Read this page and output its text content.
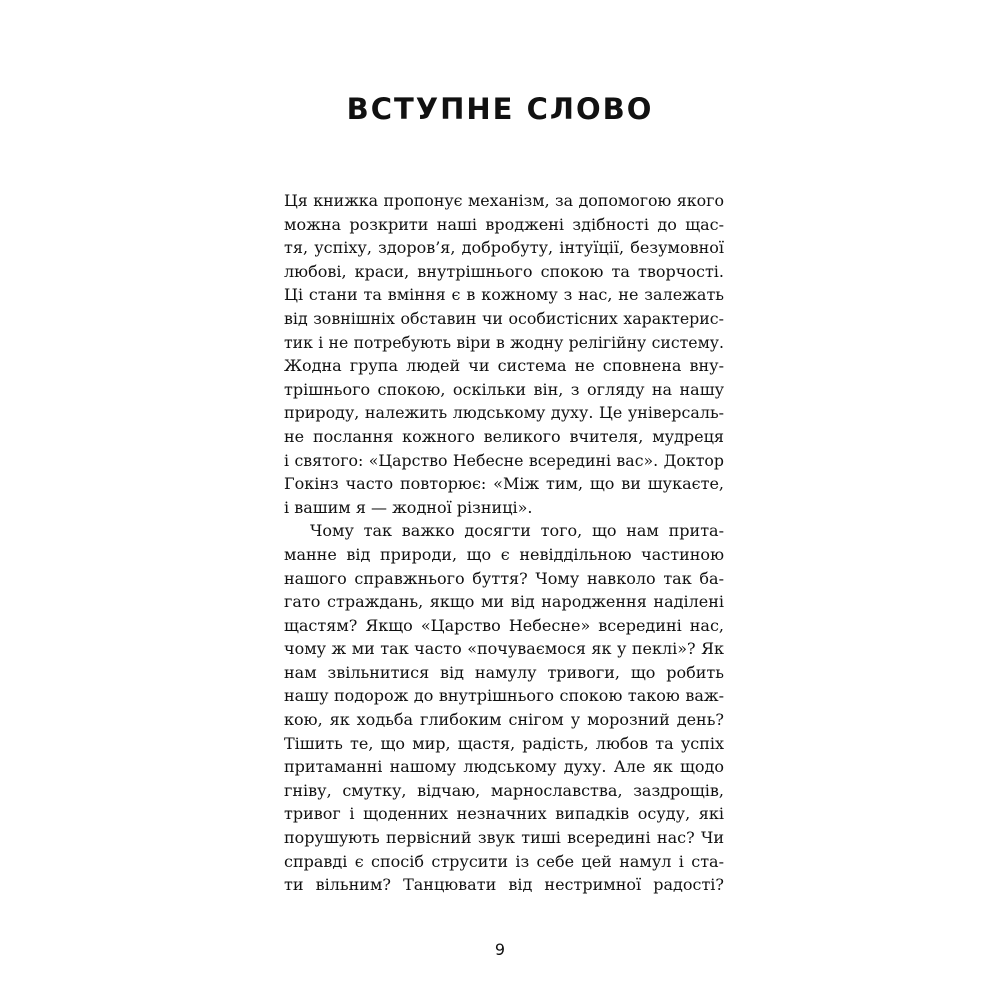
ВСТУПНЕ СЛОВО

Ця книжка пропонує механізм, за допомогою якого
можна розкрити наші вроджені здібності до щас-
тя, успіху, здоров’я, добробуту, інтуїції, безумовної
любові, краси, внутрішнього спокою та творчості.
Ці стани та вміння є в кожному з нас, не залежать
від зовнішніх обставин чи особистісних характерис-
тик і не потребують віри в жодну релігійну систему.
Жодна група людей чи система не сповнена вну-
трішнього спокою, оскільки він, з огляду на нашу
природу, належить людському духу. Це універсаль-
не послання кожного великого вчителя, мудреця
і святого: «Царство Небесне всередині вас». Доктор
Гокінз часто повторює: «Між тим, що ви шукаєте,
і вашим я — жодної різниці».

Чому так важко досягти того, що нам прита-
манне від природи, що є невіддільною частиною
нашого справжнього буття? Чому навколо так ба-
гато страждань, якщо ми від народження наділені
щастям? Якщо «Царство Небесне» всередині нас,
чому ж ми так часто «почуваємося як у пеклі»? Як
нам звільнитися від намулу тривоги, що робить
нашу подорож до внутрішнього спокою такою важ-
кою, як ходьба глибоким снігом у морозний день?
Тішить те, що мир, щастя, радість, любов та успіх
притаманні нашому людському духу. Але як щодо
гніву, смутку, відчаю, марнославства, заздрощів,
тривог і щоденних незначних випадків осуду, які
порушують первісний звук тиші всередині нас? Чи
справді є спосіб струсити із себе цей намул і ста-
ти вільним? Танцювати від нестримної радості?

9
